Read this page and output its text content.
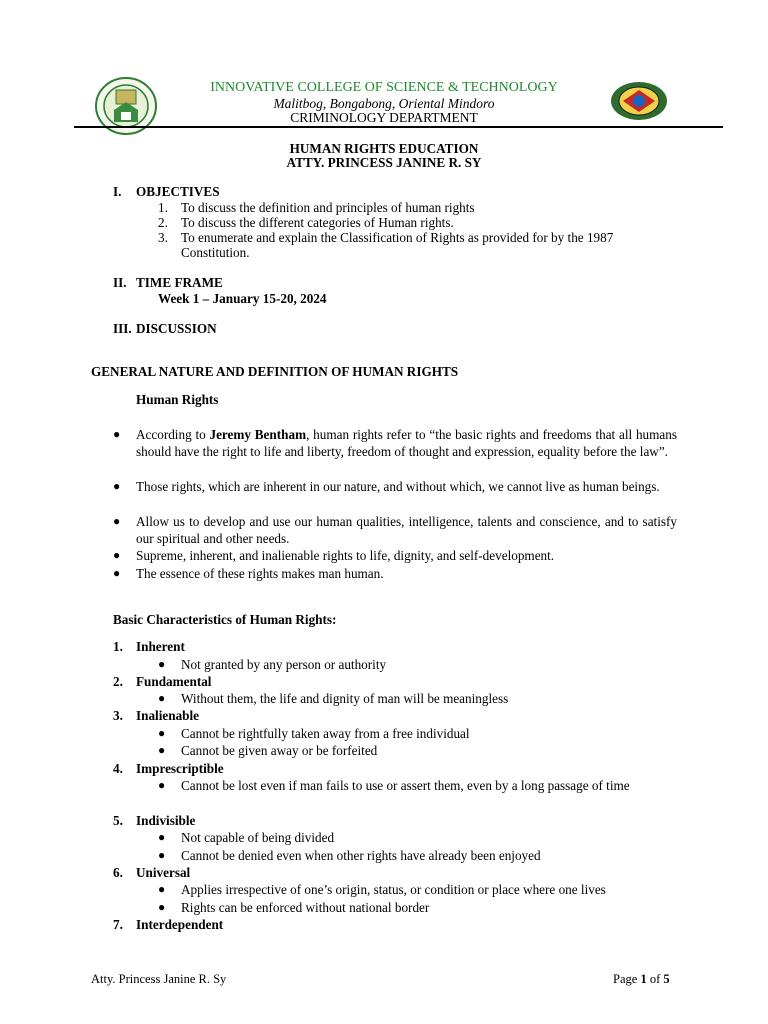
INNOVATIVE COLLEGE OF SCIENCE & TECHNOLOGY
Malitbog, Bongabong, Oriental Mindoro
CRIMINOLOGY DEPARTMENT
HUMAN RIGHTS EDUCATION
ATTY. PRINCESS JANINE R. SY
I. OBJECTIVES
1. To discuss the definition and principles of human rights
2. To discuss the different categories of Human rights.
3. To enumerate and explain the Classification of Rights as provided for by the 1987
Constitution.
II. TIME FRAME
Week 1 – January 15-20, 2024
III. DISCUSSION
GENERAL NATURE AND DEFINITION OF HUMAN RIGHTS
Human Rights
● According to Jeremy Bentham, human rights refer to “the basic rights and freedoms that all humans should have the right to life and liberty, freedom of thought and expression, equality before the law”.
● Those rights, which are inherent in our nature, and without which, we cannot live as human beings.
● Allow us to develop and use our human qualities, intelligence, talents and conscience, and to satisfy our spiritual and other needs.
● Supreme, inherent, and inalienable rights to life, dignity, and self-development.
● The essence of these rights makes man human.
Basic Characteristics of Human Rights:
1. Inherent
● Not granted by any person or authority
2. Fundamental
● Without them, the life and dignity of man will be meaningless
3. Inalienable
● Cannot be rightfully taken away from a free individual
● Cannot be given away or be forfeited
4. Imprescriptible
● Cannot be lost even if man fails to use or assert them, even by a long passage of time
5. Indivisible
● Not capable of being divided
● Cannot be denied even when other rights have already been enjoyed
6. Universal
● Applies irrespective of one’s origin, status, or condition or place where one lives
● Rights can be enforced without national border
7. Interdependent
Atty. Princess Janine R. Sy	Page 1 of 5
